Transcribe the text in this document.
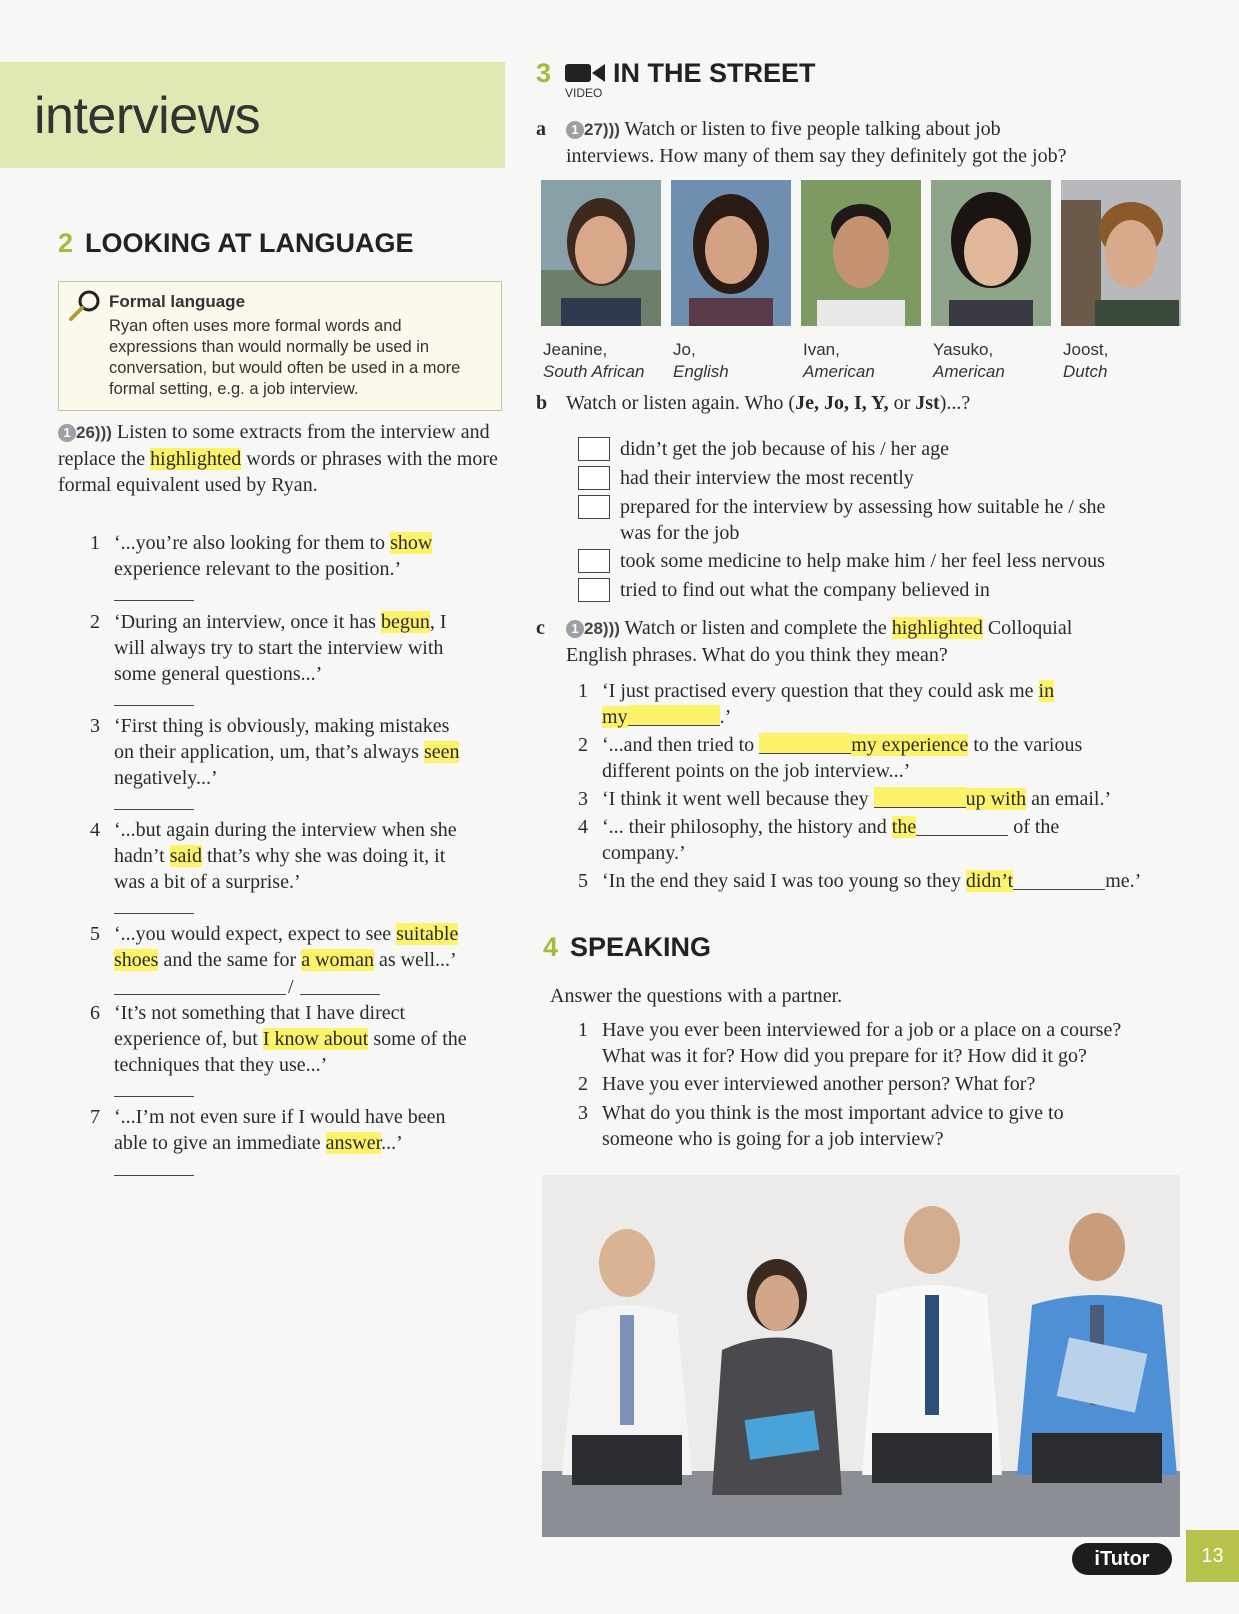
interviews
2 LOOKING AT LANGUAGE
Formal language
Ryan often uses more formal words and expressions than would normally be used in conversation, but would often be used in a more formal setting, e.g. a job interview.
1 26))) Listen to some extracts from the interview and replace the highlighted words or phrases with the more formal equivalent used by Ryan.
1 ‘...you’re also looking for them to show
experience relevant to the position.’
2 ‘During an interview, once it has begun, I
will always try to start the interview with
some general questions...’
3 ‘First thing is obviously, making mistakes
on their application, um, that’s always seen
negatively...’
4 ‘...but again during the interview when she
hadn’t said that’s why she was doing it, it
was a bit of a surprise.’
5 ‘...you would expect, expect to see suitable
shoes and the same for a woman as well...’
/
6 ‘It’s not something that I have direct
experience of, but I know about some of the
techniques that they use...’
7 ‘...I’m not even sure if I would have been
able to give an immediate answer...’
3 IN THE STREET
VIDEO
a	1 27))) Watch or listen to five people talking about job
interviews. How many of them say they definitely got the job?
Jeanine,
South African
Jo,
English
Ivan,
American
Yasuko,
American
Joost,
Dutch
b Watch or listen again. Who (Je, Jo, I, Y, or Jst)...?
didn’t get the job because of his / her age
had their interview the most recently
prepared for the interview by assessing how suitable he / she
was for the job
took some medicine to help make him / her feel less nervous
tried to find out what the company believed in
c	1 28))) Watch or listen and complete the highlighted Colloquial
English phrases. What do you think they mean?
1 ‘I just practised every question that they could ask me in
my	.’
2 ‘...and then tried to	my experience to the various
different points on the job interview...’
3 ‘I think it went well because they	up with an email.’
4 ‘... their philosophy, the history and the	of the
company.’
5 ‘In the end they said I was too young so they didn’t	me.’
4 SPEAKING
Answer the questions with a partner.
1 Have you ever been interviewed for a job or a place on a course?
What was it for? How did you prepare for it? How did it go?
2 Have you ever interviewed another person? What for?
3 What do you think is the most important advice to give to
someone who is going for a job interview?
iTutor	13
